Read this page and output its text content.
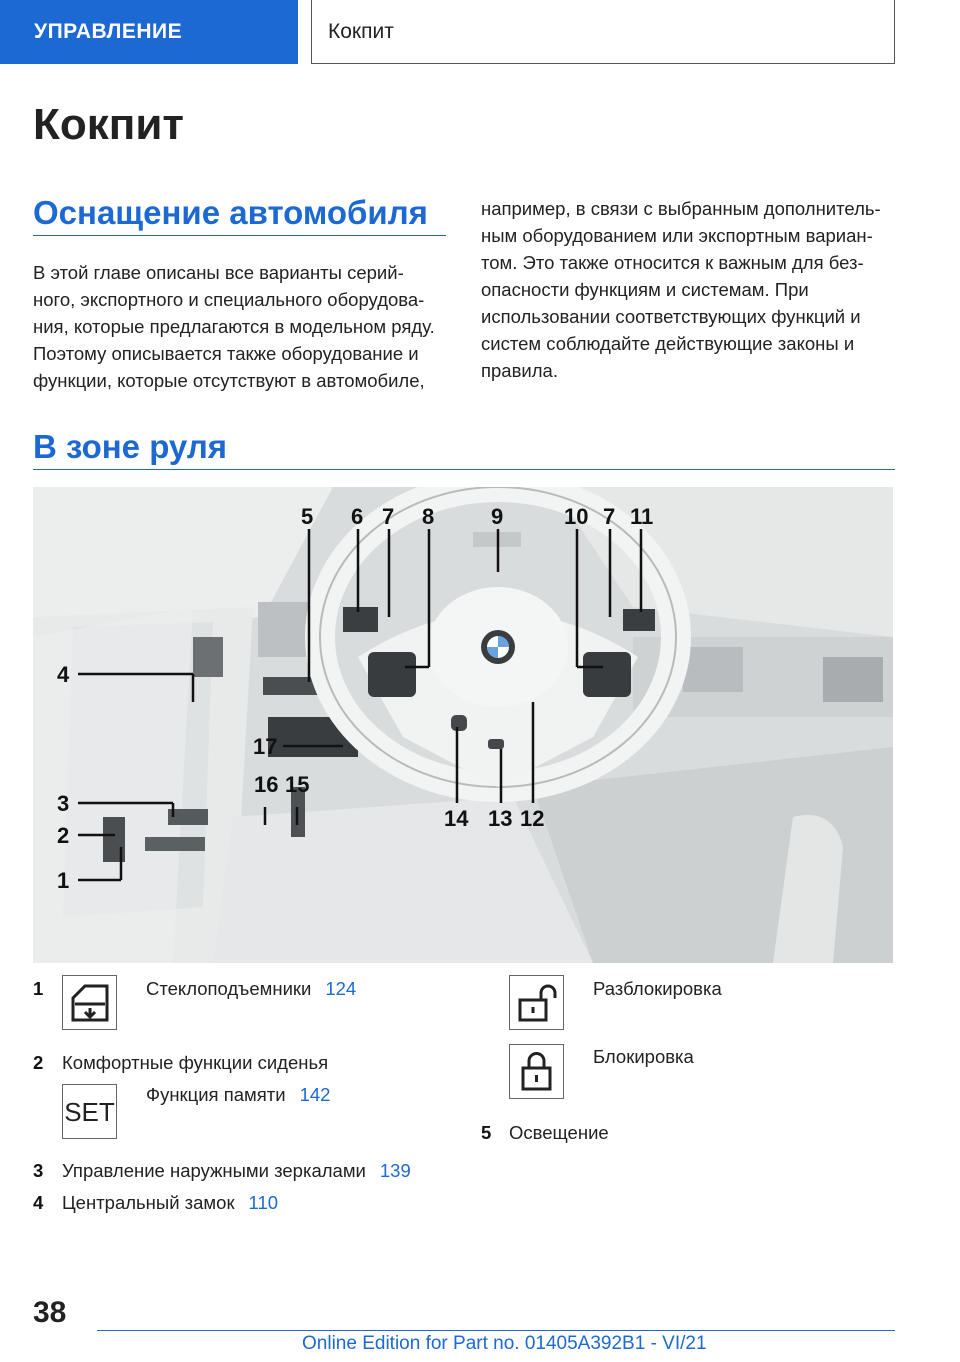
УПРАВЛЕНИЕ	Кокпит
Кокпит
Оснащение автомобиля

В этой главе описаны все варианты серий-

ного, экспортного и специального оборудова-

ния, которые предлагаются в модельном ряду.

Поэтому описывается также оборудование и

функции, которые отсутствуют в автомобиле,

например, в связи с выбранным дополнитель-

ным оборудованием или экспортным вариан-

том. Это также относится к важным для без-

опасности функциям и системам. При

использовании соответствующих функций и

систем соблюдайте действующие законы и

правила.

В зоне руля
5 6 7 8	9	10 7 11
4
17
16 15
3
2
1
14 13 12
1	Стеклоподъемники 124
2 Комфортные функции сиденья
SET
Функция памяти 142
3 Управление наружными зеркалами 139
4 Центральный замок 110
Разблокировка
Блокировка
5 Освещение
38
Online Edition for Part no. 01405A392B1 - VI/21
